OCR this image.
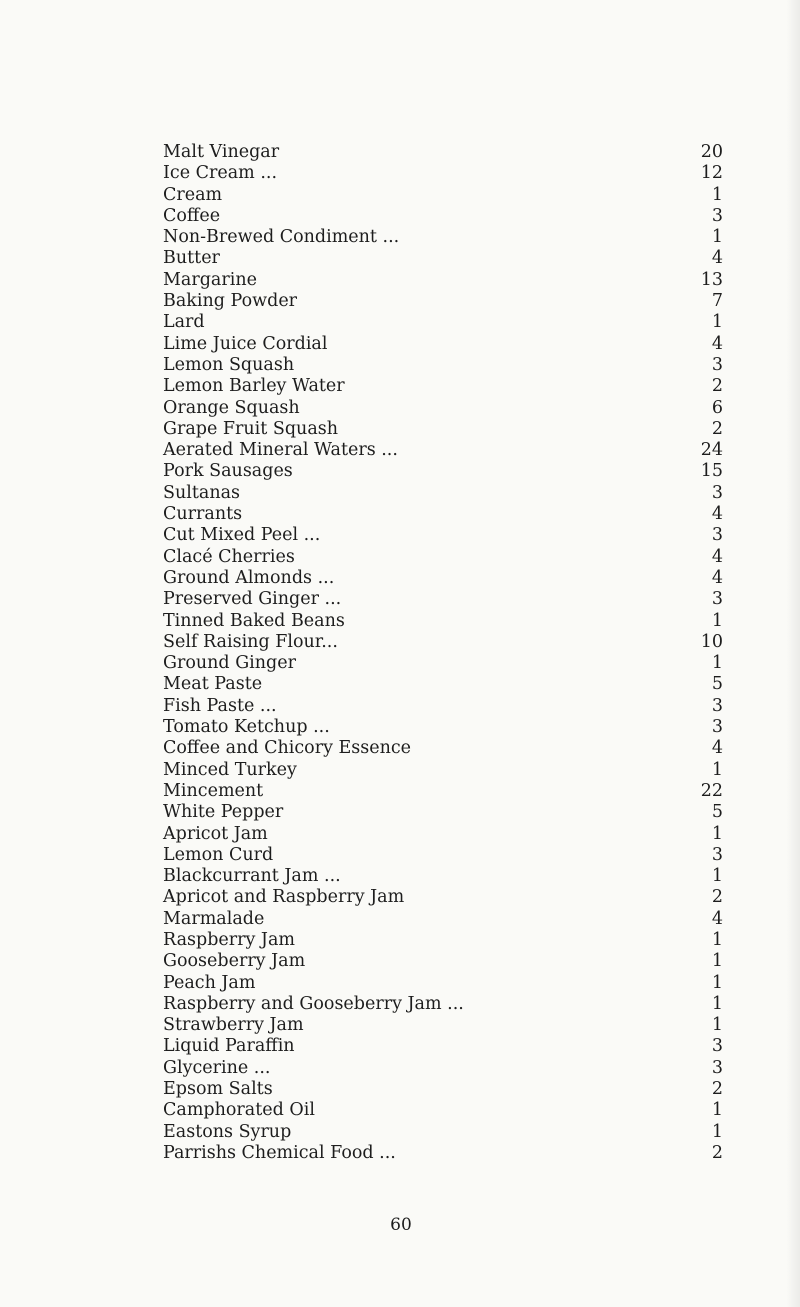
Malt Vinegar	20
Ice Cream ...	12
Cream	1
Coffee	3
Non-Brewed Condiment ...	1
Butter	4
Margarine	13
Baking Powder	7
Lard	1
Lime Juice Cordial	4
Lemon Squash	3
Lemon Barley Water	2
Orange Squash	6
Grape Fruit Squash	2
Aerated Mineral Waters ...	24
Pork Sausages	15
Sultanas	3
Currants	4
Cut Mixed Peel ...	3
Clacé Cherries	4
Ground Almonds ...	4
Preserved Ginger ...	3
Tinned Baked Beans	1
Self Raising Flour...	10
Ground Ginger	1
Meat Paste	5
Fish Paste ...	3
Tomato Ketchup ...	3
Coffee and Chicory Essence	4
Minced Turkey	1
Mincement	22
White Pepper	5
Apricot Jam	1
Lemon Curd	3
Blackcurrant Jam ...	1
Apricot and Raspberry Jam	2
Marmalade	4
Raspberry Jam	1
Gooseberry Jam	1
Peach Jam	1
Raspberry and Gooseberry Jam ...	1
Strawberry Jam	1
Liquid Paraffin	3
Glycerine ...	3
Epsom Salts	2
Camphorated Oil	1
Eastons Syrup	1
Parrishs Chemical Food ...	2
60
